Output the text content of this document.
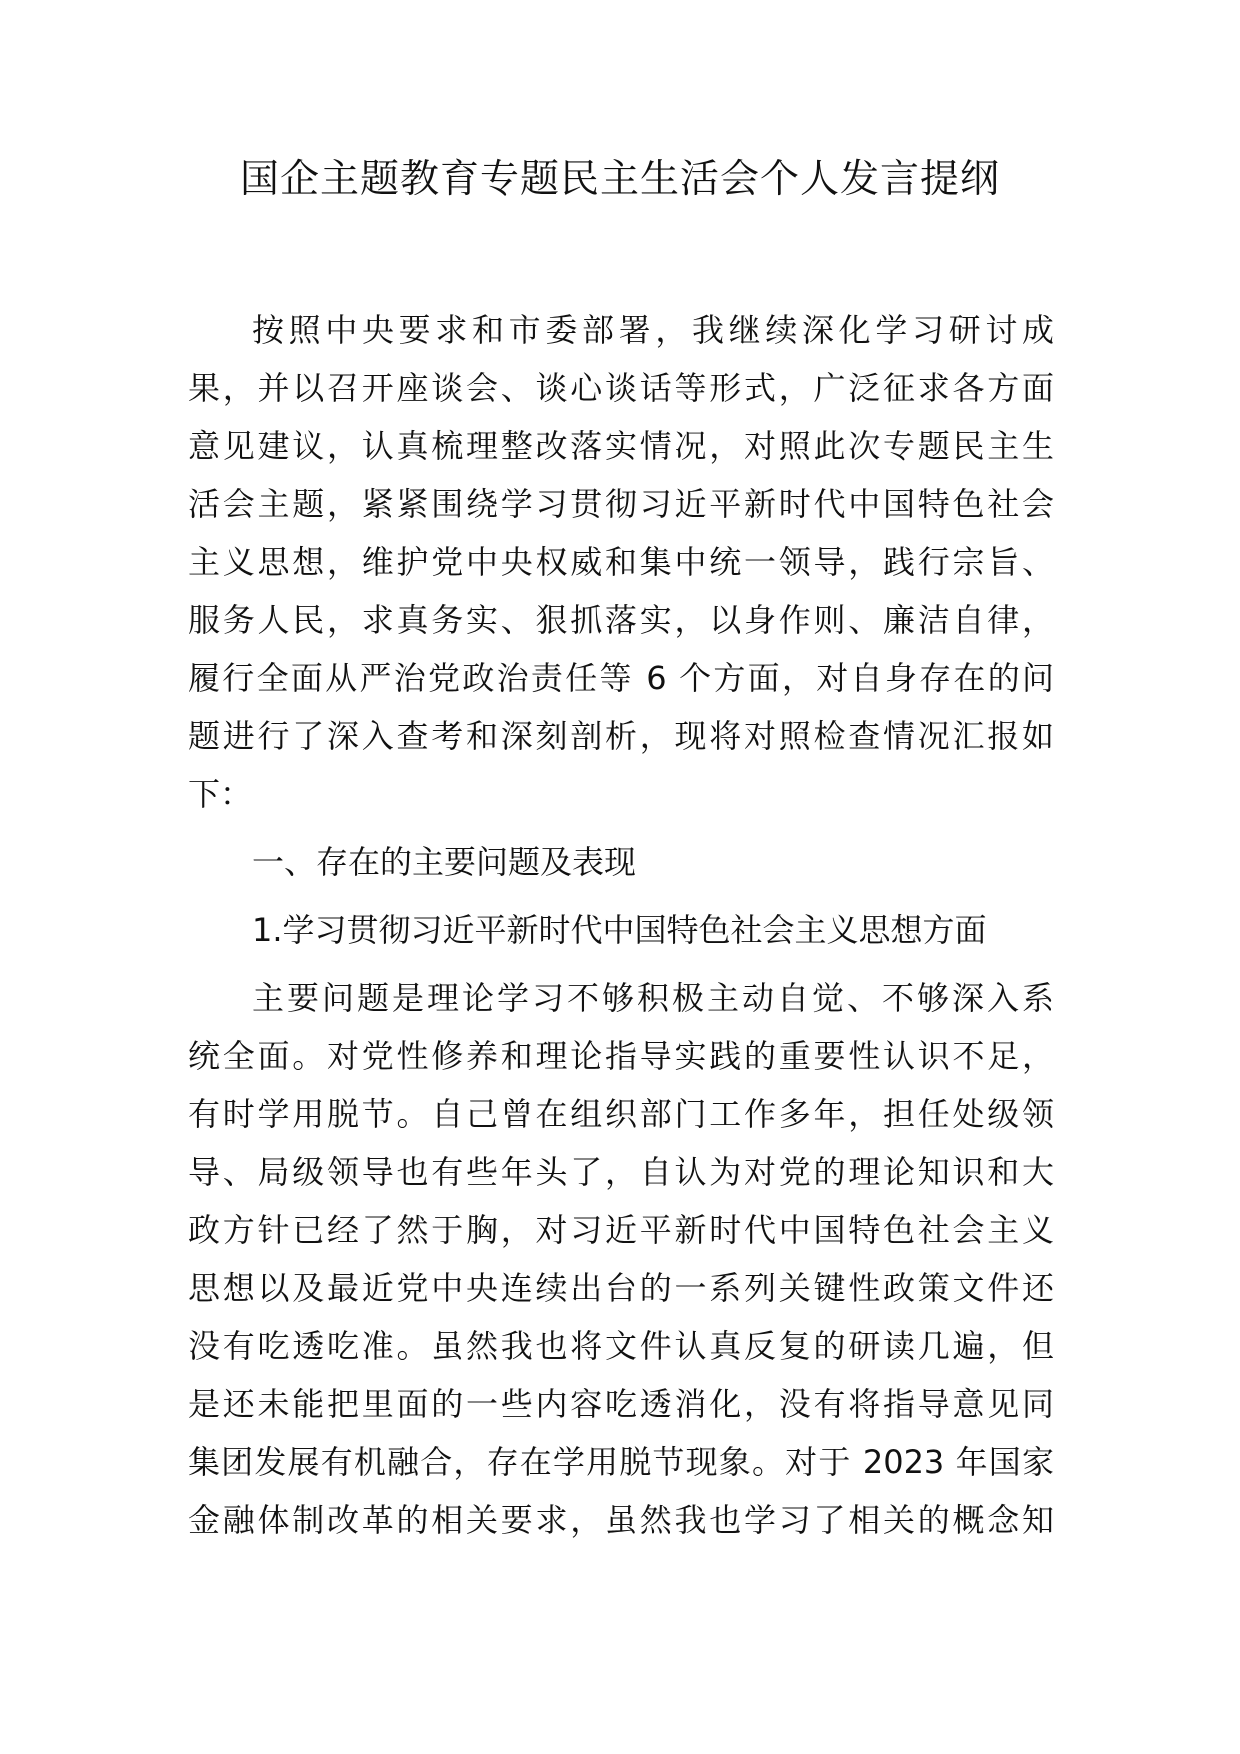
国企主题教育专题民主生活会个人发言提纲
按照中央要求和市委部署，我继续深化学习研讨成
果，并以召开座谈会、谈心谈话等形式，广泛征求各方面
意见建议，认真梳理整改落实情况，对照此次专题民主生
活会主题，紧紧围绕学习贯彻习近平新时代中国特色社会
主义思想，维护党中央权威和集中统一领导，践行宗旨、
服务人民，求真务实、狠抓落实，以身作则、廉洁自律，
履行全面从严治党政治责任等 6 个方面，对自身存在的问
题进行了深入查考和深刻剖析，现将对照检查情况汇报如
下：
一、存在的主要问题及表现
1.学习贯彻习近平新时代中国特色社会主义思想方面
主要问题是理论学习不够积极主动自觉、不够深入系
统全面。对党性修养和理论指导实践的重要性认识不足，
有时学用脱节。自己曾在组织部门工作多年，担任处级领
导、局级领导也有些年头了，自认为对党的理论知识和大
政方针已经了然于胸，对习近平新时代中国特色社会主义
思想以及最近党中央连续出台的一系列关键性政策文件还
没有吃透吃准。虽然我也将文件认真反复的研读几遍，但
是还未能把里面的一些内容吃透消化，没有将指导意见同
集团发展有机融合，存在学用脱节现象。对于 2023 年国家
金融体制改革的相关要求，虽然我也学习了相关的概念知
